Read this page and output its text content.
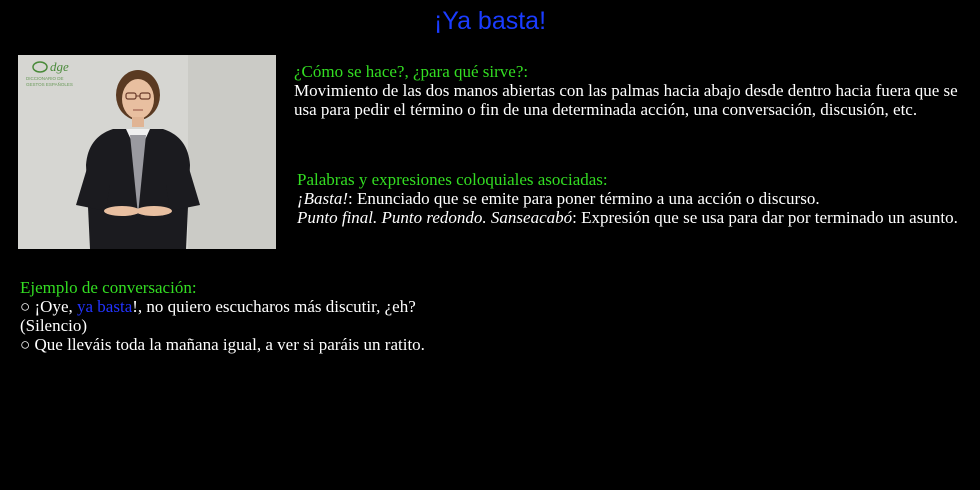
¡Ya basta!
dge
DICCIONARIO DE
GESTOS ESPAÑOLES
¿Cómo se hace?, ¿para qué sirve?:
Movimiento de las dos manos abiertas con las palmas hacia abajo desde dentro hacia fuera que se usa para pedir el término o fin de una determinada acción, una conversación, discusión, etc.
Palabras y expresiones coloquiales asociadas:
¡Basta!: Enunciado que se emite para poner término a una acción o discurso.
Punto final. Punto redondo. Sanseacabó: Expresión que se usa para dar por terminado un asunto.
Ejemplo de conversación:
○ ¡Oye, ya basta!, no quiero escucharos más discutir, ¿eh?
(Silencio)
○ Que lleváis toda la mañana igual, a ver si paráis un ratito.
